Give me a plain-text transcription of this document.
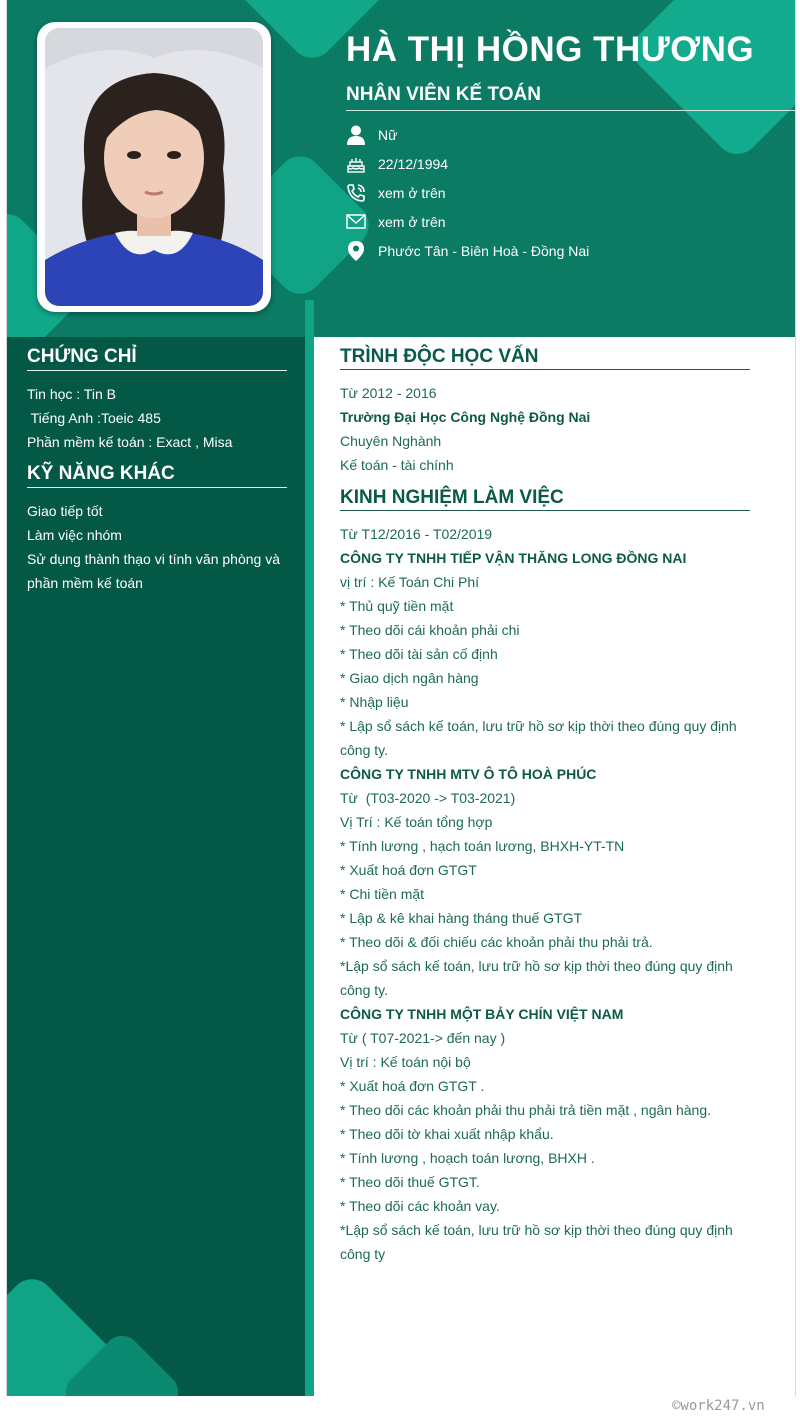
HÀ THỊ HỒNG THƯƠNG
NHÂN VIÊN KẾ TOÁN
Nữ
22/12/1994
xem ở trên
xem ở trên
Phước Tân - Biên Hoà - Đồng Nai
CHỨNG CHỈ
Tin học : Tin B
Tiếng Anh :Toeic 485
Phần mềm kế toán : Exact , Misa
KỸ NĂNG KHÁC
Giao tiếp tốt
Làm việc nhóm
Sử dụng thành thạo vi tính văn phòng và phần mềm kế toán
TRÌNH ĐỘC HỌC VẤN
Từ 2012 - 2016
Trường Đại Học Công Nghệ Đồng Nai
Chuyên Nghành
Kế toán - tài chính
KINH NGHIỆM LÀM VIỆC
Từ T12/2016 - T02/2019
CÔNG TY TNHH TIẾP VẬN THĂNG LONG ĐỒNG NAI
vị trí : Kế Toán Chi Phí
* Thủ quỹ tiền mặt
* Theo dõi cái khoản phải chi
* Theo dõi tài sản cố định
* Giao dịch ngân hàng
* Nhập liệu
* Lập sổ sách kế toán, lưu trữ hồ sơ kịp thời theo đúng quy định công ty.
CÔNG TY TNHH MTV Ô TÔ HOÀ PHÚC
Từ  (T03-2020 -> T03-2021)
Vị Trí : Kế toán tổng hợp
* Tính lương , hạch toán lương, BHXH-YT-TN
* Xuất hoá đơn GTGT
* Chi tiền mặt
* Lập & kê khai hàng tháng thuế GTGT
* Theo dõi & đối chiếu các khoản phải thu phải trả.
*Lập sổ sách kế toán, lưu trữ hồ sơ kịp thời theo đúng quy định công ty.
CÔNG TY TNHH MỘT BẢY CHÍN VIỆT NAM
Từ ( T07-2021-> đến nay )
Vị trí : Kế toán nội bộ
* Xuất hoá đơn GTGT .
* Theo dõi các khoản phải thu phải trả tiền mặt , ngân hàng.
* Theo dõi tờ khai xuất nhập khẩu.
* Tính lương , hoạch toán lương, BHXH .
* Theo dõi thuế GTGT.
* Theo dõi các khoản vay.
*Lập sổ sách kế toán, lưu trữ hồ sơ kịp thời theo đúng quy định công ty
©work247.vn
